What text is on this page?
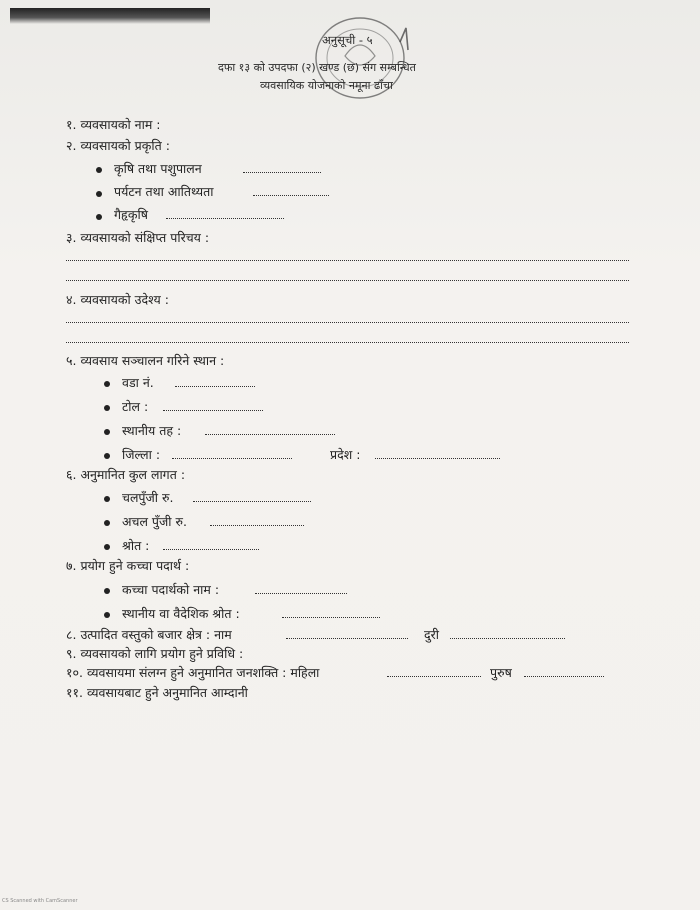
अनुसूची - ५
दफा १३ को उपदफा (२) खण्ड (छ) संग सम्बन्धित
व्यवसायिक योजनाको नमूना ढाँचा
१. व्यवसायको नाम :
२. व्यवसायको प्रकृति :
कृषि तथा पशुपालन
पर्यटन तथा आतिथ्यता
गैहृकृषि
३. व्यवसायको संक्षिप्त परिचय :
४. व्यवसायको उदेश्य :
५. व्यवसाय सञ्चालन गरिने स्थान :
वडा नं.
टोल :
स्थानीय तह :
जिल्ला :	प्रदेश :
६. अनुमानित कुल लागत :
चलपुँजी रु.
अचल पुँजी रु.
श्रोत :
७. प्रयोग हुने कच्चा पदार्थ :
कच्चा पदार्थको नाम :
स्थानीय वा वैदेशिक श्रोत :
८. उत्पादित वस्तुको बजार क्षेत्र : नाम	दुरी
९. व्यवसायको लागि प्रयोग हुने प्रविधि :
१०. व्यवसायमा संलग्न हुने अनुमानित जनशक्ति : महिला	पुरुष
११. व्यवसायबाट हुने अनुमानित आम्दानी
CS Scanned with CamScanner
